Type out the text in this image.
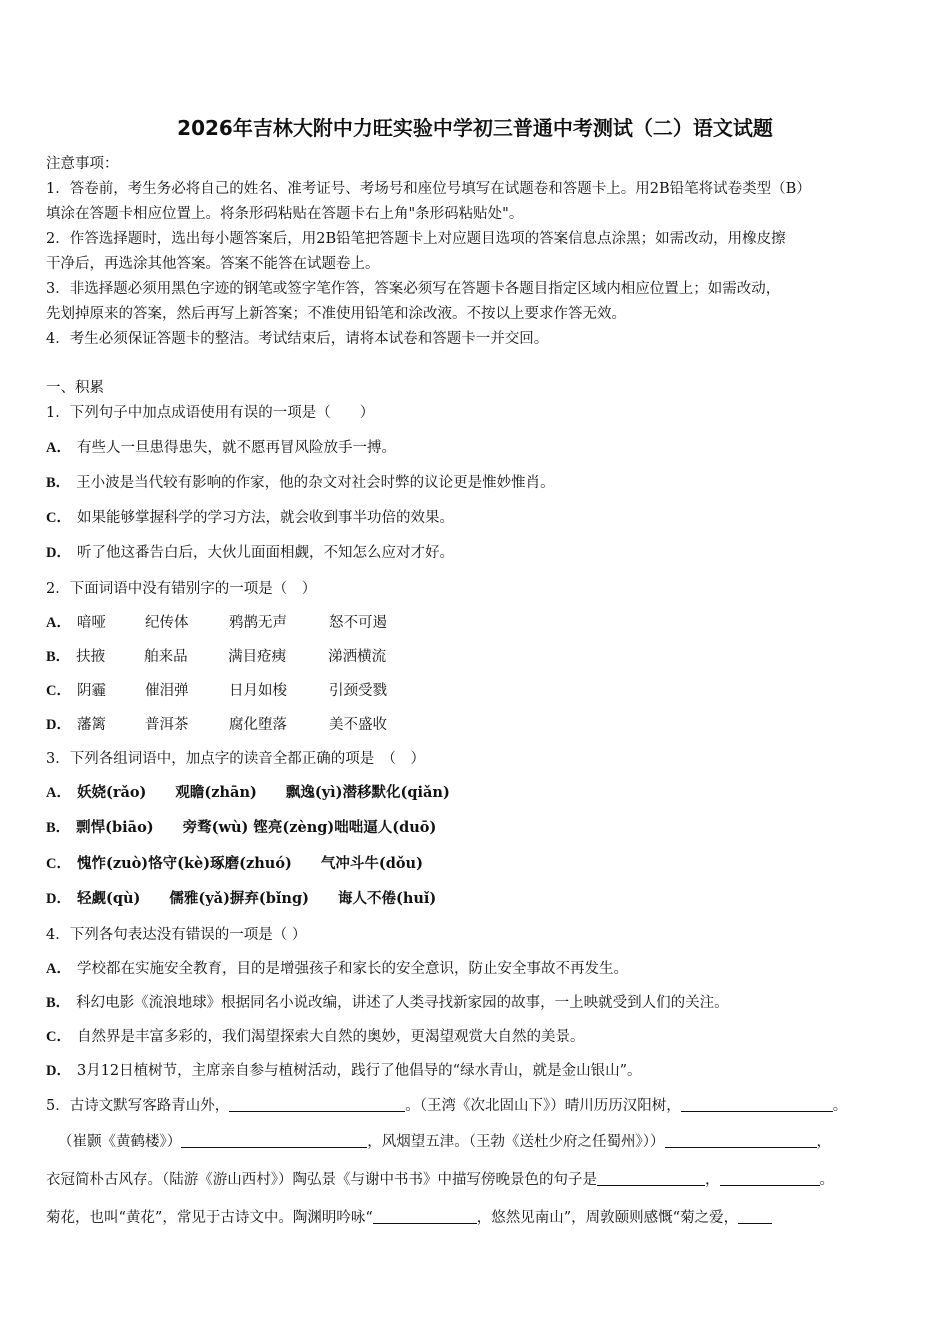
2026年吉林大附中力旺实验中学初三普通中考测试（二）语文试题
注意事项：
1．答卷前，考生务必将自己的姓名、准考证号、考场号和座位号填写在试题卷和答题卡上。用2B铅笔将试卷类型（B）
填涂在答题卡相应位置上。将条形码粘贴在答题卡右上角"条形码粘贴处"。
2．作答选择题时，选出每小题答案后，用2B铅笔把答题卡上对应题目选项的答案信息点涂黑；如需改动，用橡皮擦
干净后，再选涂其他答案。答案不能答在试题卷上。
3．非选择题必须用黑色字迹的钢笔或签字笔作答，答案必须写在答题卡各题目指定区域内相应位置上；如需改动，
先划掉原来的答案，然后再写上新答案；不准使用铅笔和涂改液。不按以上要求作答无效。
4．考生必须保证答题卡的整洁。考试结束后，请将本试卷和答题卡一并交回。
一、积累
1．下列句子中加点成语使用有误的一项是（　　）
A． 有些人一旦患得患失，就不愿再冒风险放手一搏。
B． 王小波是当代较有影响的作家，他的杂文对社会时弊的议论更是惟妙惟肖。
C． 如果能够掌握科学的学习方法，就会收到事半功倍的效果。
D． 听了他这番告白后，大伙儿面面相觑，不知怎么应对才好。
2．下面词语中没有错别字的一项是（　）
A． 喑哑	纪传体	鸦鹊无声	怒不可遏
B． 扶掖	舶来品	满目疮痍	涕洒横流
C． 阴霾	催泪弹	日月如梭	引颈受戮
D． 藩篱	普洱茶	腐化堕落	美不盛收
3．下列各组词语中，加点字的读音全都正确的项是　（　）
A． 妖娆(rǎo)　　观瞻(zhān)　　飘逸(yì)潜移默化(qiǎn)
B． 剽悍(biāo)　　旁骛(wù) 铿亮(zèng)咄咄逼人(duō)
C． 愧怍(zuò)恪守(kè)琢磨(zhuó)　　气冲斗牛(dǒu)
D． 轻觑(qù)　　儒雅(yǎ)摒弃(bǐng)　　诲人不倦(huǐ)
4．下列各句表达没有错误的一项是（ ）
A． 学校都在实施安全教育，目的是增强孩子和家长的安全意识，防止安全事故不再发生。
B． 科幻电影《流浪地球》根据同名小说改编，讲述了人类寻找新家园的故事，一上映就受到人们的关注。
C． 自然界是丰富多彩的，我们渴望探索大自然的奥妙，更渴望观赏大自然的美景。
D． 3月12日植树节，主席亲自参与植树活动，践行了他倡导的“绿水青山，就是金山银山”。
5．古诗文默写客路青山外，	。（王湾《次北固山下》）晴川历历汉阳树，	。
（崔颢《黄鹤楼》）	，风烟望五津。（王勃《送杜少府之任蜀州》））	，
衣冠简朴古风存。（陆游《游山西村》）陶弘景《与谢中书书》中描写傍晚景色的句子是	，	。
菊花，也叫“黄花”，常见于古诗文中。陶渊明吟咏“	，悠然见南山”，周敦颐则感慨“菊之爱，
